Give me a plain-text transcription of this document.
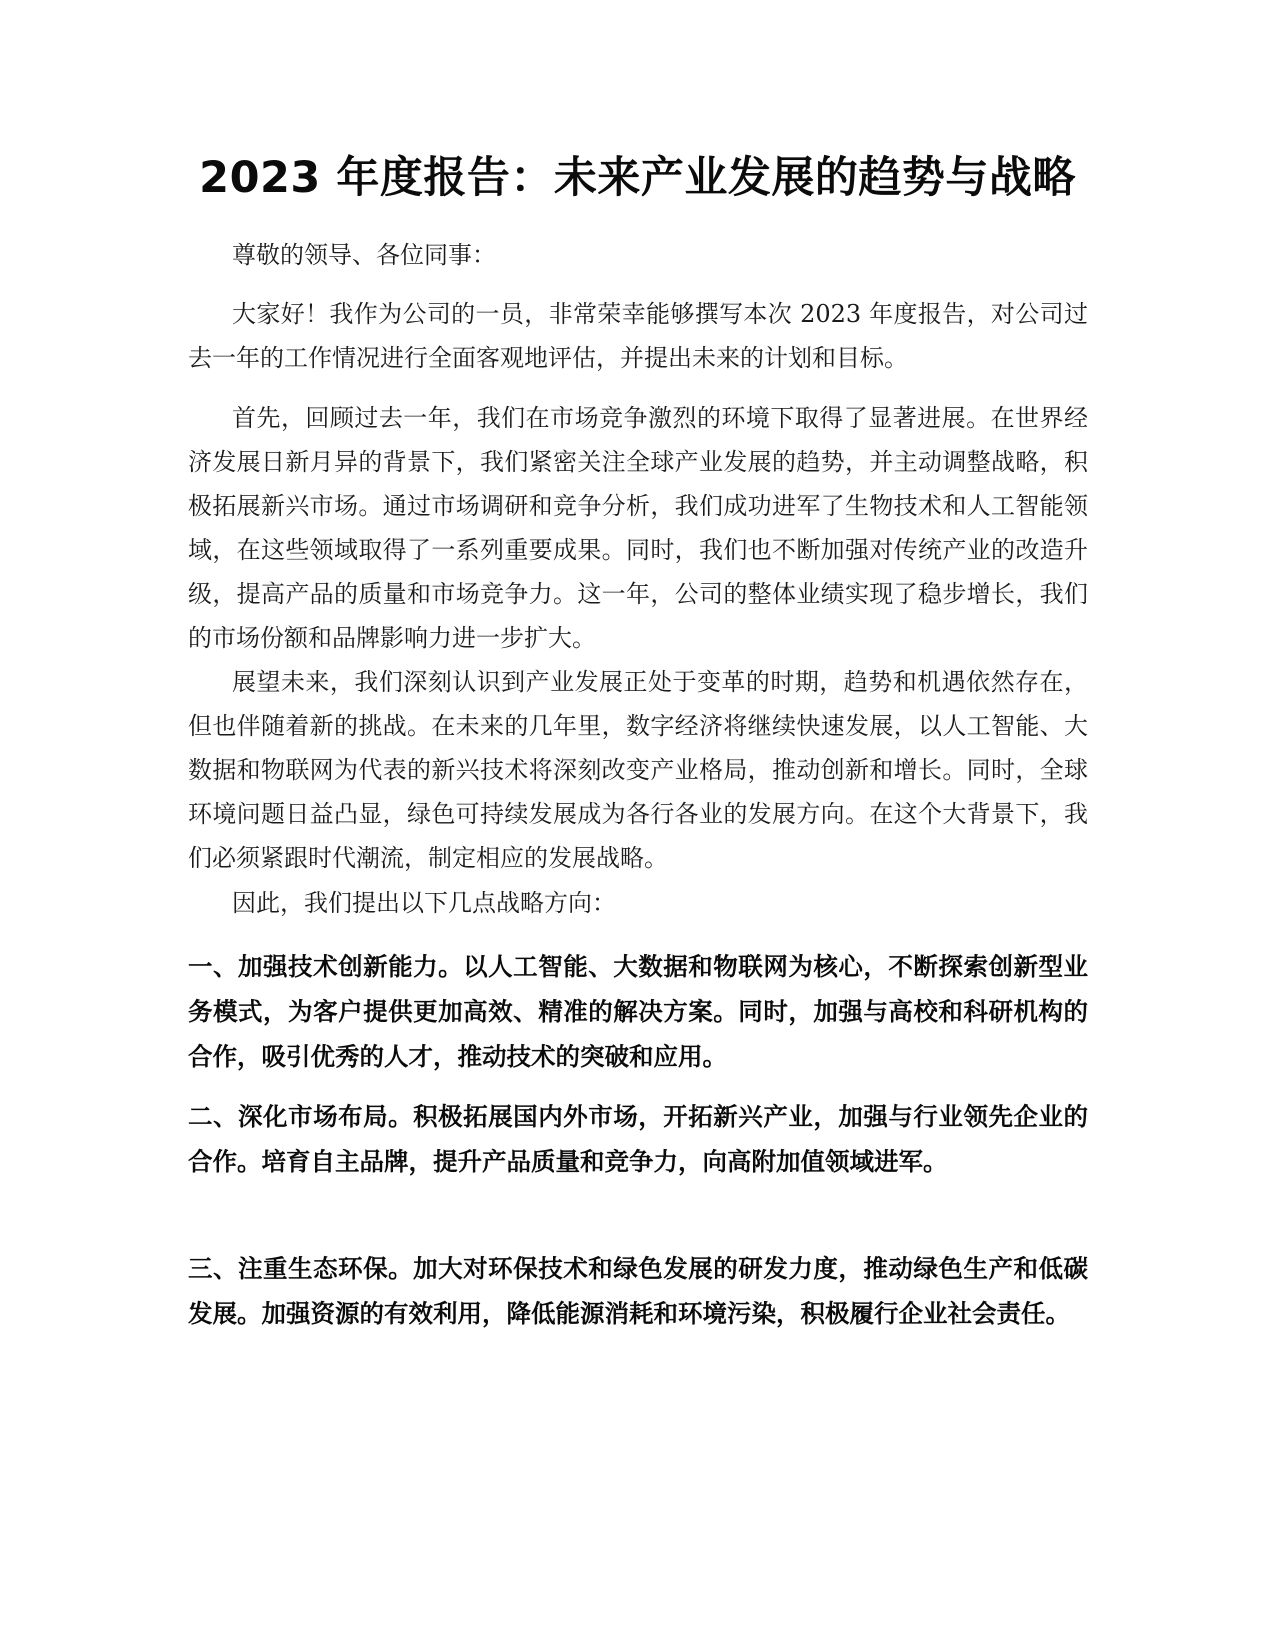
2023 年度报告：未来产业发展的趋势与战略

尊敬的领导、各位同事：

大家好！我作为公司的一员，非常荣幸能够撰写本次 2023 年度报告，对公司过去一年的工作情况进行全面客观地评估，并提出未来的计划和目标。

首先，回顾过去一年，我们在市场竞争激烈的环境下取得了显著进展。在世界经济发展日新月异的背景下，我们紧密关注全球产业发展的趋势，并主动调整战略，积极拓展新兴市场。通过市场调研和竞争分析，我们成功进军了生物技术和人工智能领域，在这些领域取得了一系列重要成果。同时，我们也不断加强对传统产业的改造升级，提高产品的质量和市场竞争力。这一年，公司的整体业绩实现了稳步增长，我们的市场份额和品牌影响力进一步扩大。

展望未来，我们深刻认识到产业发展正处于变革的时期，趋势和机遇依然存在，但也伴随着新的挑战。在未来的几年里，数字经济将继续快速发展，以人工智能、大数据和物联网为代表的新兴技术将深刻改变产业格局，推动创新和增长。同时，全球环境问题日益凸显，绿色可持续发展成为各行各业的发展方向。在这个大背景下，我们必须紧跟时代潮流，制定相应的发展战略。

因此，我们提出以下几点战略方向：

一、加强技术创新能力。以人工智能、大数据和物联网为核心，不断探索创新型业务模式，为客户提供更加高效、精准的解决方案。同时，加强与高校和科研机构的合作，吸引优秀的人才，推动技术的突破和应用。

二、深化市场布局。积极拓展国内外市场，开拓新兴产业，加强与行业领先企业的合作。培育自主品牌，提升产品质量和竞争力，向高附加值领域进军。

三、注重生态环保。加大对环保技术和绿色发展的研发力度，推动绿色生产和低碳发展。加强资源的有效利用，降低能源消耗和环境污染，积极履行企业社会责任。
